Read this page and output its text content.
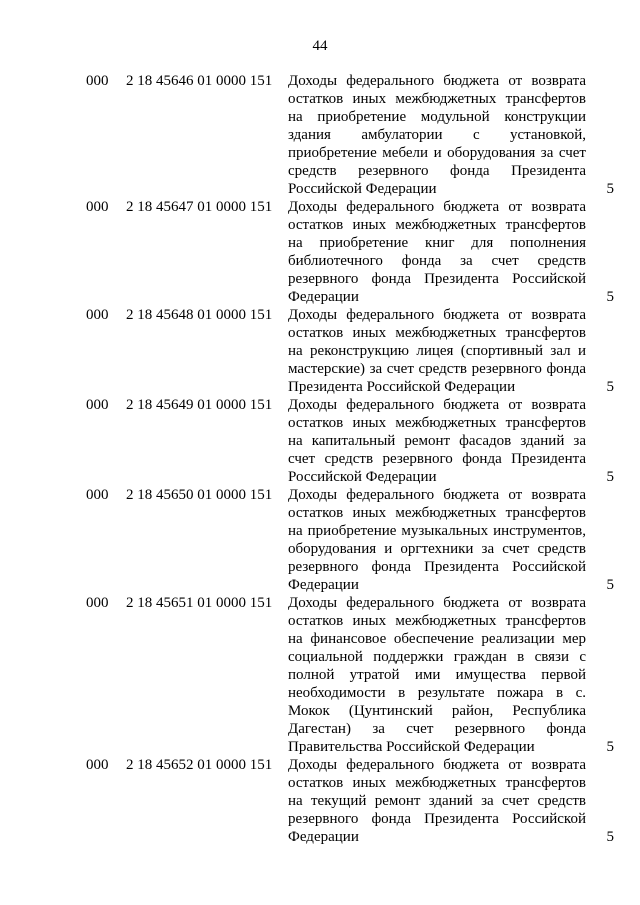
44
000 2 18 45646 01 0000 151 Доходы федерального бюджета от возврата остатков иных межбюджетных трансфертов на приобретение модульной конструкции здания амбулатории с установкой, приобретение мебели и оборудования за счет средств резервного фонда Президента Российской Федерации	5
000 2 18 45647 01 0000 151 Доходы федерального бюджета от возврата остатков иных межбюджетных трансфертов на приобретение книг для пополнения библиотечного фонда за счет средств резервного фонда Президента Российской Федерации	5
000 2 18 45648 01 0000 151 Доходы федерального бюджета от возврата остатков иных межбюджетных трансфертов на реконструкцию лицея (спортивный зал и мастерские) за счет средств резервного фонда Президента Российской Федерации	5
000 2 18 45649 01 0000 151 Доходы федерального бюджета от возврата остатков иных межбюджетных трансфертов на капитальный ремонт фасадов зданий за счет средств резервного фонда Президента Российской Федерации	5
000 2 18 45650 01 0000 151 Доходы федерального бюджета от возврата остатков иных межбюджетных трансфертов на приобретение музыкальных инструментов, оборудования и оргтехники за счет средств резервного фонда Президента Российской Федерации	5
000 2 18 45651 01 0000 151 Доходы федерального бюджета от возврата остатков иных межбюджетных трансфертов на финансовое обеспечение реализации мер социальной поддержки граждан в связи с полной утратой ими имущества первой необходимости в результате пожара в с. Мокок (Цунтинский район, Республика Дагестан) за счет резервного фонда Правительства Российской Федерации	5
000 2 18 45652 01 0000 151 Доходы федерального бюджета от возврата остатков иных межбюджетных трансфертов на текущий ремонт зданий за счет средств резервного фонда Президента Российской Федерации	5
